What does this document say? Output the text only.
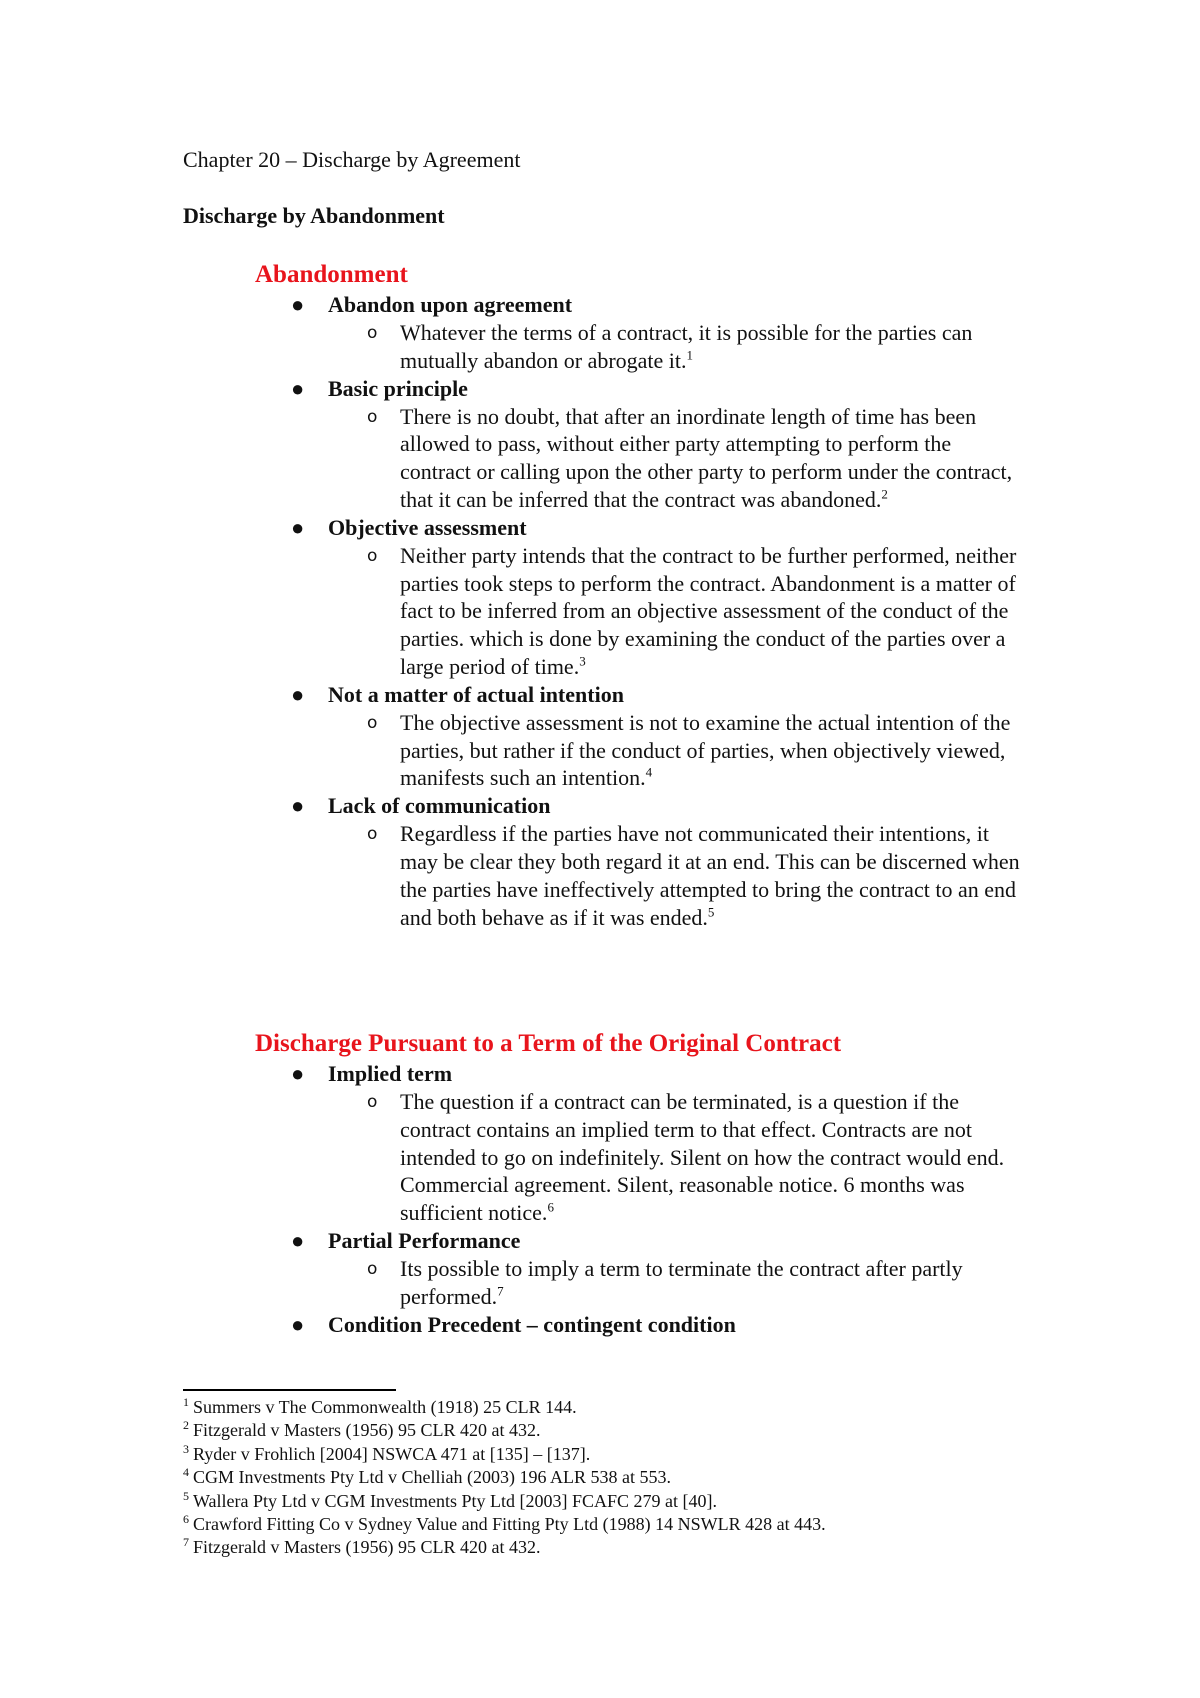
Chapter 20 – Discharge by Agreement
Discharge by Abandonment
Abandonment
● Abandon upon agreement
o Whatever the terms of a contract, it is possible for the parties can mutually abandon or abrogate it.$^1$
● Basic principle
o There is no doubt, that after an inordinate length of time has been allowed to pass, without either party attempting to perform the contract or calling upon the other party to perform under the contract, that it can be inferred that the contract was abandoned.$^2$
● Objective assessment
o Neither party intends that the contract to be further performed, neither parties took steps to perform the contract. Abandonment is a matter of fact to be inferred from an objective assessment of the conduct of the parties. which is done by examining the conduct of the parties over a large period of time.$^3$
● Not a matter of actual intention
o The objective assessment is not to examine the actual intention of the parties, but rather if the conduct of parties, when objectively viewed, manifests such an intention.$^4$
● Lack of communication
o Regardless if the parties have not communicated their intentions, it may be clear they both regard it at an end. This can be discerned when the parties have ineffectively attempted to bring the contract to an end and both behave as if it was ended.$^5$
Discharge Pursuant to a Term of the Original Contract
● Implied term
o The question if a contract can be terminated, is a question if the contract contains an implied term to that effect. Contracts are not intended to go on indefinitely. Silent on how the contract would end. Commercial agreement. Silent, reasonable notice. 6 months was sufficient notice.$^6$
● Partial Performance
o Its possible to imply a term to terminate the contract after partly performed.$^7$
● Condition Precedent – contingent condition
$^1$ Summers v The Commonwealth (1918) 25 CLR 144.
$^2$ Fitzgerald v Masters (1956) 95 CLR 420 at 432.
$^3$ Ryder v Frohlich [2004] NSWCA 471 at [135] – [137].
$^4$ CGM Investments Pty Ltd v Chelliah (2003) 196 ALR 538 at 553.
$^5$ Wallera Pty Ltd v CGM Investments Pty Ltd [2003] FCAFC 279 at [40].
$^6$ Crawford Fitting Co v Sydney Value and Fitting Pty Ltd (1988) 14 NSWLR 428 at 443.
$^7$ Fitzgerald v Masters (1956) 95 CLR 420 at 432.
